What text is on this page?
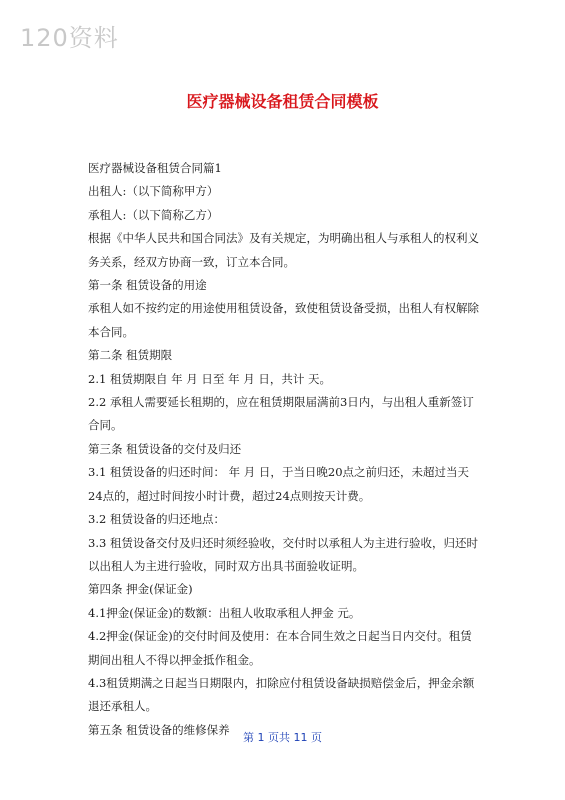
120资料
医疗器械设备租赁合同模板

医疗器械设备租赁合同篇1

出租人:（以下简称甲方）

承租人:（以下简称乙方）

根据《中华人民共和国合同法》及有关规定，为明确出租人与承租人的权利义

务关系，经双方协商一致，订立本合同。

第一条 租赁设备的用途

承租人如不按约定的用途使用租赁设备，致使租赁设备受损，出租人有权解除

本合同。

第二条 租赁期限

2.1 租赁期限自 年 月 日至 年 月 日，共计 天。

2.2 承租人需要延长租期的，应在租赁期限届满前3日内，与出租人重新签订

合同。

第三条 租赁设备的交付及归还

3.1 租赁设备的归还时间： 年 月 日，于当日晚20点之前归还，未超过当天

24点的，超过时间按小时计费，超过24点则按天计费。

3.2 租赁设备的归还地点：

3.3 租赁设备交付及归还时须经验收，交付时以承租人为主进行验收，归还时

以出租人为主进行验收，同时双方出具书面验收证明。

第四条 押金(保证金)

4.1押金(保证金)的数额：出租人收取承租人押金 元。

4.2押金(保证金)的交付时间及使用：在本合同生效之日起当日内交付。租赁

期间出租人不得以押金抵作租金。

4.3租赁期满之日起当日期限内，扣除应付租赁设备缺损赔偿金后，押金余额

退还承租人。

第五条 租赁设备的维修保养

第 1 页共 11 页
